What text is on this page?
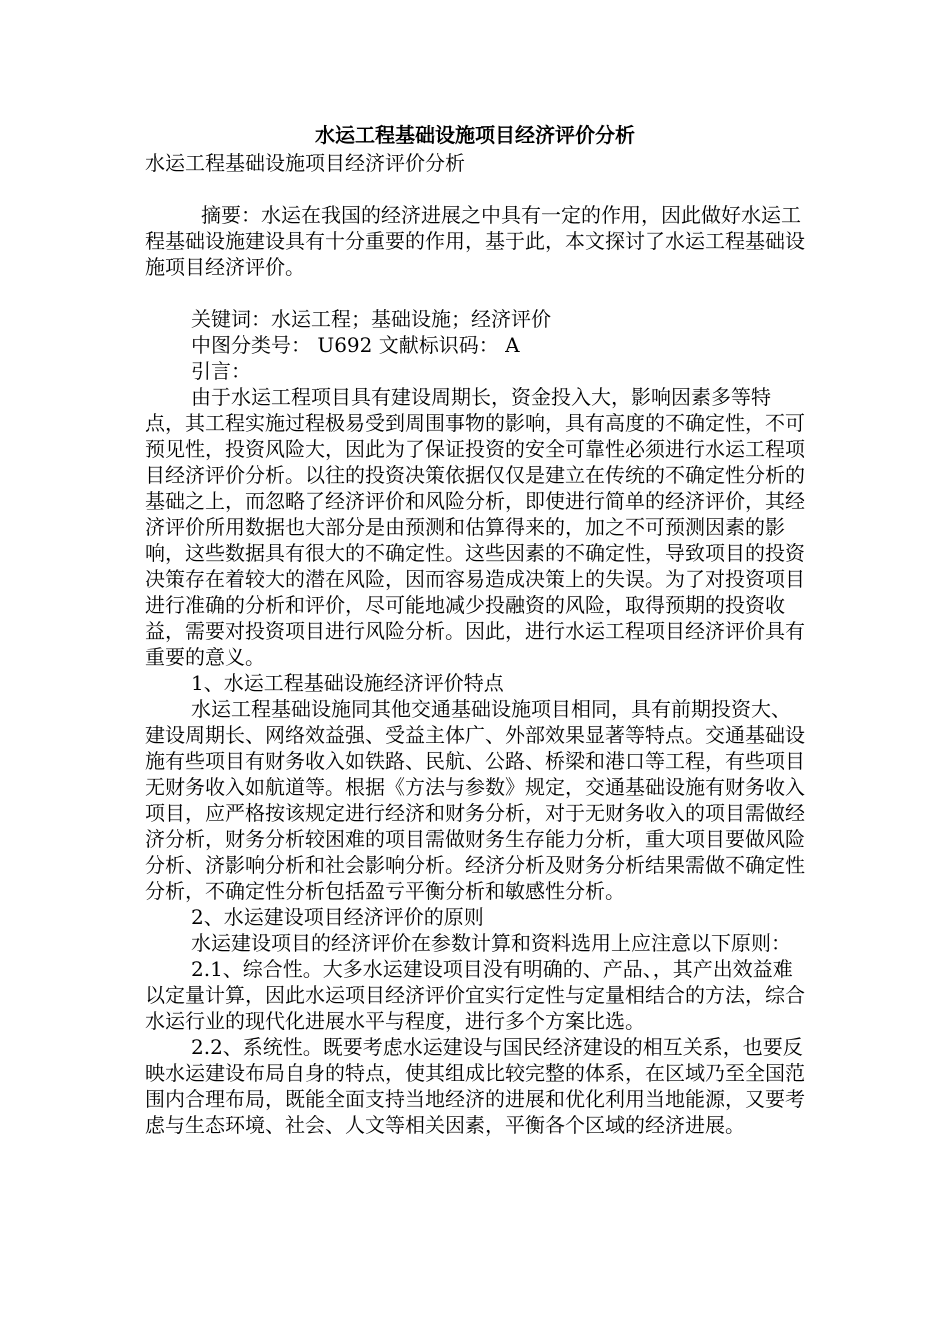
水运工程基础设施项目经济评价分析

水运工程基础设施项目经济评价分析

摘要：水运在我国的经济进展之中具有一定的作用，因此做好水运工程基础设施建设具有十分重要的作用，基于此，本文探讨了水运工程基础设施项目经济评价。

关键词：水运工程；基础设施；经济评价

中图分类号： U692 文献标识码： A

引言：

由于水运工程项目具有建设周期长，资金投入大，影响因素多等特点，其工程实施过程极易受到周围事物的影响，具有高度的不确定性，不可预见性，投资风险大，因此为了保证投资的安全可靠性必须进行水运工程项目经济评价分析。以往的投资决策依据仅仅是建立在传统的不确定性分析的基础之上，而忽略了经济评价和风险分析，即使进行简单的经济评价，其经济评价所用数据也大部分是由预测和估算得来的，加之不可预测因素的影响，这些数据具有很大的不确定性。这些因素的不确定性，导致项目的投资决策存在着较大的潜在风险，因而容易造成决策上的失误。为了对投资项目进行准确的分析和评价，尽可能地减少投融资的风险，取得预期的投资收益，需要对投资项目进行风险分析。因此，进行水运工程项目经济评价具有重要的意义。

1、水运工程基础设施经济评价特点

水运工程基础设施同其他交通基础设施项目相同，具有前期投资大、建设周期长、网络效益强、受益主体广、外部效果显著等特点。交通基础设施有些项目有财务收入如铁路、民航、公路、桥梁和港口等工程，有些项目无财务收入如航道等。根据《方法与参数》规定，交通基础设施有财务收入项目，应严格按该规定进行经济和财务分析，对于无财务收入的项目需做经济分析，财务分析较困难的项目需做财务生存能力分析，重大项目要做风险分析、济影响分析和社会影响分析。经济分析及财务分析结果需做不确定性分析，不确定性分析包括盈亏平衡分析和敏感性分析。

2、水运建设项目经济评价的原则

水运建设项目的经济评价在参数计算和资料选用上应注意以下原则：

2.1、综合性。大多水运建设项目没有明确的、产品、，其产出效益难以定量计算，因此水运项目经济评价宜实行定性与定量相结合的方法，综合水运行业的现代化进展水平与程度，进行多个方案比选。

2.2、系统性。既要考虑水运建设与国民经济建设的相互关系，也要反映水运建设布局自身的特点，使其组成比较完整的体系，在区域乃至全国范围内合理布局，既能全面支持当地经济的进展和优化利用当地能源，又要考虑与生态环境、社会、人文等相关因素，平衡各个区域的经济进展。
